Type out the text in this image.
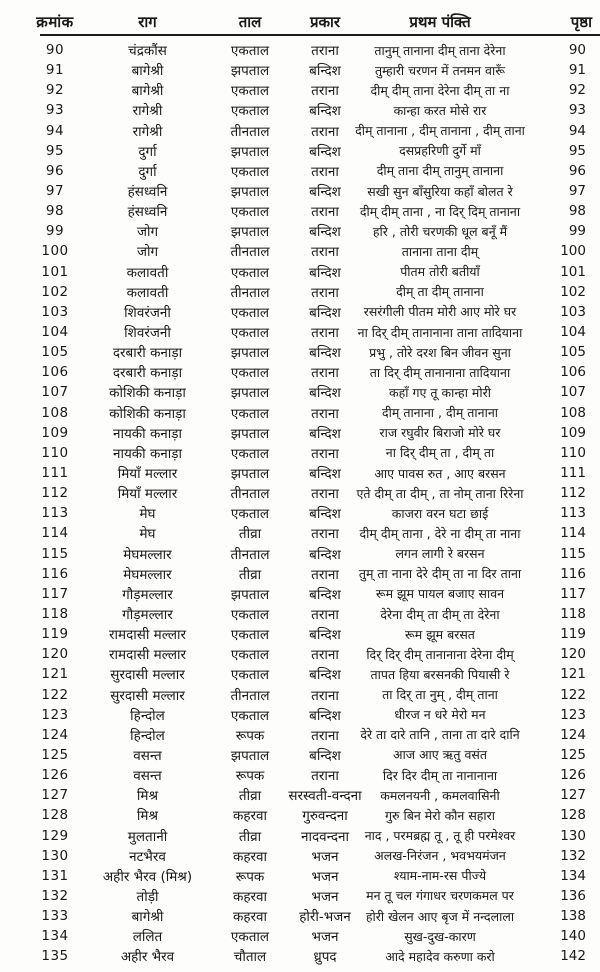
क्रमांक	राग	ताल	प्रकार	प्रथम पंक्ति	पृष्ठा
90	चंद्रकौंस	एकताल	तराना	तानुम् तानाना दीम् ताना देरेना	90
91	बागेश्री	झपताल	बन्दिश	तुम्हारी चरणन में तनमन वारूँ	91
92	बागेश्री	एकताल	तराना	दीम् दीम् ताना देरेना दीम् ता ना	92
93	रागेश्री	एकताल	बन्दिश	कान्हा करत मोसे रार	93
94	रागेश्री	तीनताल	तराना	दीम् तानाना , दीम् तानाना , दीम् ताना	94
95	दुर्गा	झपताल	बन्दिश	दसप्रहरिणी दुर्गे माँ	95
96	दुर्गा	एकताल	तराना	दीम् ताना दीम् तानुम् तानाना	96
97	हंसध्वनि	झपताल	बन्दिश	सखी सुन बाँसुरिया कहाँ बोलत रे	97
98	हंसध्वनि	एकताल	तराना	दीम् दीम् ताना , ना दिर् दिम् तानाना	98
99	जोग	झपताल	बन्दिश	हरि , तोरी चरणकी धूल बनूँ मैं	99
100	जोग	तीनताल	तराना	तानाना ताना दीम्	100
101	कलावती	एकताल	बन्दिश	पीतम तोरी बतीयाँ	101
102	कलावती	तीनताल	तराना	दीम् ता दीम् तानाना	102
103	शिवरंजनी	एकताल	बन्दिश	रसरंगीली पीतम मोरी आए मोरे घर	103
104	शिवरंजनी	एकताल	तराना	ना दिर् दीम् तानानाना ताना तादियाना	104
105	दरबारी कनाड़ा	झपताल	बन्दिश	प्रभु , तोरे दरश बिन जीवन सुना	105
106	दरबारी कनाड़ा	एकताल	तराना	ता दिर् दीम् तानानाना तादियाना	106
107	कोशिकी कनाड़ा	झपताल	बन्दिश	कहाँ गए तू कान्हा मोरी	107
108	कोशिकी कनाड़ा	एकताल	तराना	दीम् तानाना , दीम् तानाना	108
109	नायकी कनाड़ा	झपताल	बन्दिश	राज रघुवीर बिराजो मोरे घर	109
110	नायकी कनाड़ा	एकताल	तराना	ना दिर् दीम् ता , दीम् ता	110
111	मियाँ मल्लार	झपताल	बन्दिश	आए पावस रुत , आए बरसन	111
112	मियाँ मल्लार	तीनताल	तराना	एते दीम् ता दीम् , ता नोम् ताना रिरेना	112
113	मेघ	एकताल	बन्दिश	काजरा वरन घटा छाई	113
114	मेघ	तीव्रा	तराना	दीम् दीम् ताना , देरे ना दीम् ता नाना	114
115	मेघमल्लार	तीनताल	बन्दिश	लगन लागी रे बरसन	115
116	मेघमल्लार	तीव्रा	तराना	तुम् ता नाना देरे दीम् ता ना दिर ताना	116
117	गौड़मल्लार	झपताल	बन्दिश	रूम झूम पायल बजाए सावन	117
118	गौड़मल्लार	एकताल	तराना	देरेना दीम् ता दीम् ता देरेना	118
119	रामदासी मल्लार	एकताल	बन्दिश	रूम झूम बरसत	119
120	रामदासी मल्लार	एकताल	तराना	दिर् दिर् दीम् तानानाना देरेना दीम्	120
121	सुरदासी मल्लार	एकताल	बन्दिश	तापत हिया बरसनकी पियासी रे	121
122	सुरदासी मल्लार	तीनताल	तराना	ता दिर् ता नुम् , दीम् ताना	122
123	हिन्दोल	एकताल	बन्दिश	धीरज न धरे मेरो मन	123
124	हिन्दोल	रूपक	तराना	देरे ता दारे तानि , ताना ता दारे दानि	124
125	वसन्त	झपताल	बन्दिश	आज आए ऋतु वसंत	125
126	वसन्त	रूपक	तराना	दिर दिर दीम् ता नानानाना	126
127	मिश्र	तीव्रा	सरस्वती-वन्दना	कमलनयनी , कमलवासिनी	127
128	मिश्र	कहरवा	गुरुवन्दना	गुरु बिन मेरो कौन सहारा	128
129	मुलतानी	तीव्रा	नादवन्दना	नाद , परमब्रह्म तू , तू ही परमेश्वर	130
130	नटभैरव	कहरवा	भजन	अलख-निरंजन , भवभयमंजन	132
131	अहीर भैरव (मिश्र)	रूपक	भजन	श्याम-नाम-रस पीज्ये	134
132	तोड़ी	कहरवा	भजन	मन तू चल गंगाधर चरणकमल पर	136
133	बागेश्री	कहरवा	होरी-भजन	होरी खेलन आए बृज में नन्दलाला	138
134	ललित	एकताल	भजन	सुख-दुख-कारण	140
135	अहीर भैरव	चौताल	ध्रुपद	आदे महादेव करुणा करो	142
